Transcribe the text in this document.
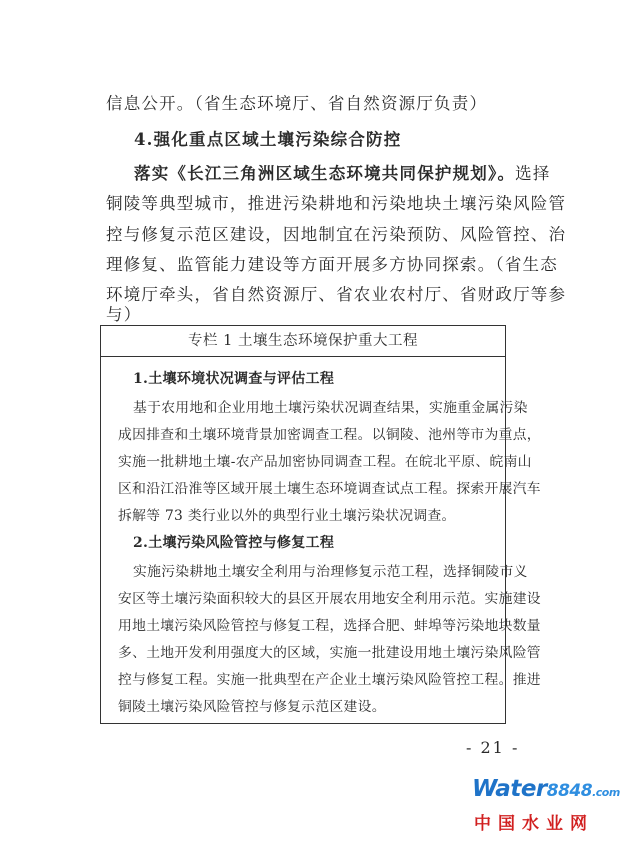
信息公开。（省生态环境厅、省自然资源厅负责）
4.强化重点区域土壤污染综合防控
落实《长江三角洲区域生态环境共同保护规划》。选择
铜陵等典型城市，推进污染耕地和污染地块土壤污染风险管
控与修复示范区建设，因地制宜在污染预防、风险管控、治
理修复、监管能力建设等方面开展多方协同探索。（省生态
环境厅牵头，省自然资源厅、省农业农村厅、省财政厅等参
与）
专栏 1 土壤生态环境保护重大工程
1.土壤环境状况调查与评估工程
基于农用地和企业用地土壤污染状况调查结果，实施重金属污染
成因排查和土壤环境背景加密调查工程。以铜陵、池州等市为重点，
实施一批耕地土壤-农产品加密协同调查工程。在皖北平原、皖南山
区和沿江沿淮等区域开展土壤生态环境调查试点工程。探索开展汽车
拆解等 73 类行业以外的典型行业土壤污染状况调查。
2.土壤污染风险管控与修复工程
实施污染耕地土壤安全利用与治理修复示范工程，选择铜陵市义
安区等土壤污染面积较大的县区开展农用地安全利用示范。实施建设
用地土壤污染风险管控与修复工程，选择合肥、蚌埠等污染地块数量
多、土地开发利用强度大的区域，实施一批建设用地土壤污染风险管
控与修复工程。实施一批典型在产企业土壤污染风险管控工程。推进
铜陵土壤污染风险管控与修复示范区建设。
- 21 -
Water8848.com
中国水业网
